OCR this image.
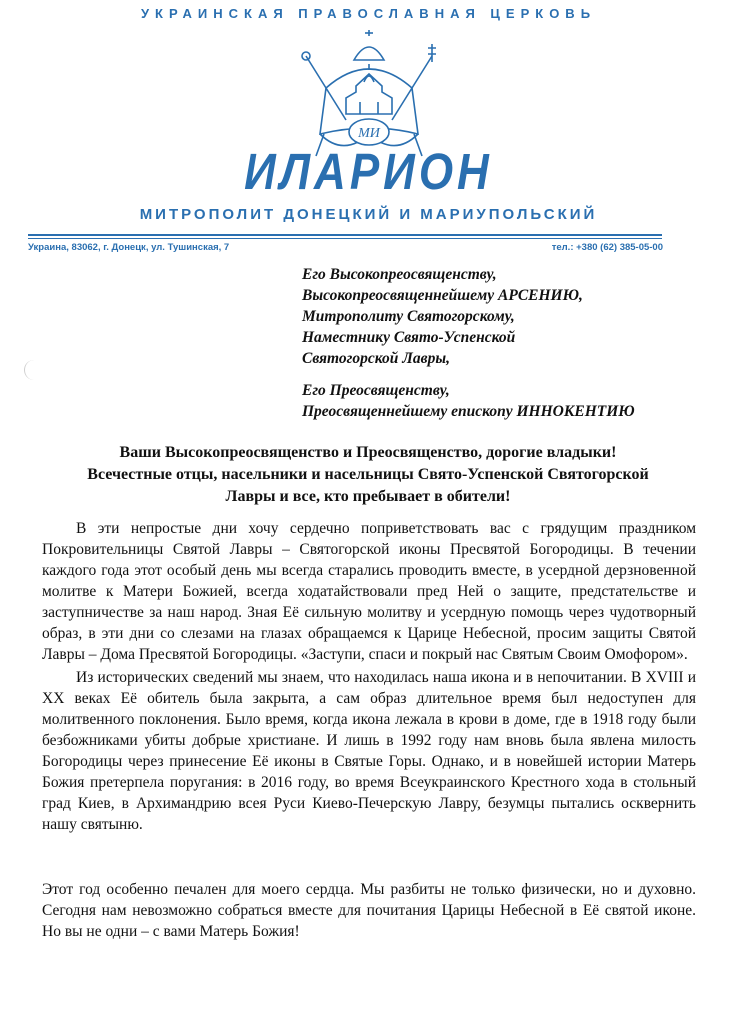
УКРАИНСКАЯ ПРАВОСЛАВНАЯ ЦЕРКОВЬ
МИ
ИЛАРИОН
МИТРОПОЛИТ ДОНЕЦКИЙ И МАРИУПОЛЬСКИЙ
Украина, 83062, г. Донецк, ул. Тушинская, 7	тел.: +380 (62) 385-05-00
Его Высокопреосвященству,
Высокопреосвященнейшему АРСЕНИЮ,
Митрополиту Святогорскому,
Наместнику Свято-Успенской
Святогорской Лавры,
Его Преосвященству,
Преосвященнейшему епископу ИННОКЕНТИЮ
Ваши Высокопреосвященство и Преосвященство, дорогие владыки!
Всечестные отцы, насельники и насельницы Свято-Успенской Святогорской
Лавры и все, кто пребывает в обители!

В эти непростые дни хочу сердечно поприветствовать вас с грядущим праздником Покровительницы Святой Лавры – Святогорской иконы Пресвятой Богородицы. В течении каждого года этот особый день мы всегда старались проводить вместе, в усердной дерзновенной молитве к Матери Божией, всегда ходатайствовали пред Ней о защите, предстательстве и заступничестве за наш народ. Зная Её сильную молитву и усердную помощь через чудотворный образ, в эти дни со слезами на глазах обращаемся к Царице Небесной, просим защиты Святой Лавры – Дома Пресвятой Богородицы. «Заступи, спаси и покрый нас Святым Своим Омофором».

Из исторических сведений мы знаем, что находилась наша икона и в непочитании. В XVIII и XX веках Её обитель была закрыта, а сам образ длительное время был недоступен для молитвенного поклонения. Было время, когда икона лежала в крови в доме, где в 1918 году были безбожниками убиты добрые христиане. И лишь в 1992 году нам вновь была явлена милость Богородицы через принесение Её иконы в Святые Горы. Однако, и в новейшей истории Матерь Божия претерпела поругания: в 2016 году, во время Всеукраинского Крестного хода в стольный град Киев, в Архимандрию всея Руси Киево-Печерскую Лавру, безумцы пытались осквернить нашу святыню.

Этот год особенно печален для моего сердца. Мы разбиты не только физически, но и духовно. Сегодня нам невозможно собраться вместе для почитания Царицы Небесной в Её святой иконе. Но вы не одни – с вами Матерь Божия!
